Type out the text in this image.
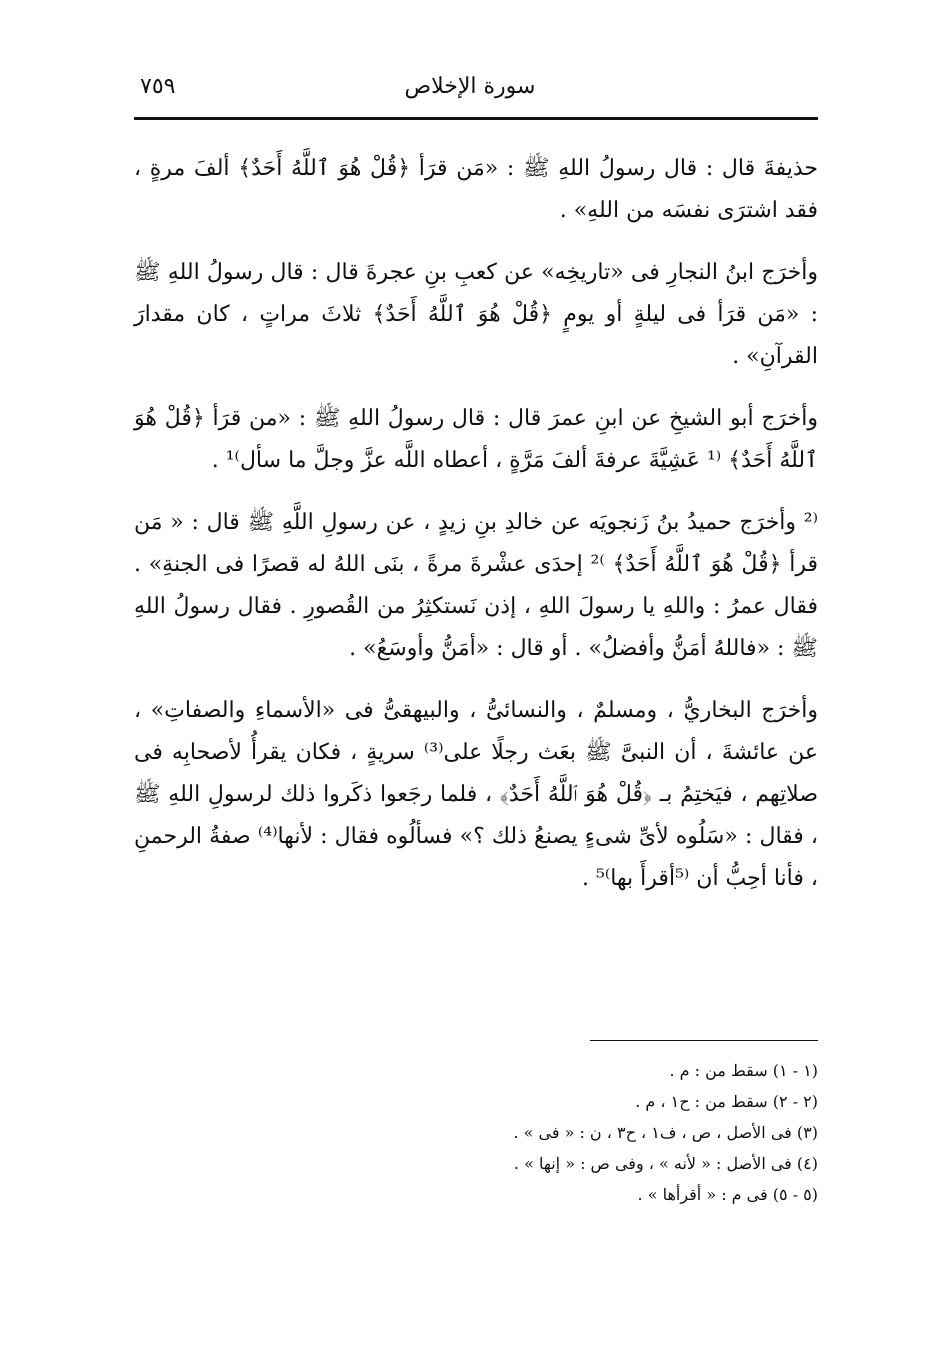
٧٥٩	سورة الإخلاص

حذيفةَ قال : قال رسولُ اللهِ ﷺ : «مَن قرَأ ﴿قُلْ هُوَ ٱللَّهُ أَحَدٌ﴾ ألفَ مرةٍ ، فقد اشترَى نفسَه من اللهِ» .

وأخرَج ابنُ النجارِ فى «تاريخِه» عن كعبِ بنِ عجرةَ قال : قال رسولُ اللهِ ﷺ : «مَن قرَأ فى ليلةٍ أو يومٍ ﴿قُلْ هُوَ ٱللَّهُ أَحَدٌ﴾ ثلاثَ مراتٍ ، كان مقدارَ القرآنِ» .

وأخرَج أبو الشيخِ عن ابنِ عمرَ قال : قال رسولُ اللهِ ﷺ : «من قرَأ ﴿قُلْ هُوَ ٱللَّهُ أَحَدٌ﴾ ⁽¹ عَشِيَّةَ عرفةَ ألفَ مَرَّةٍ ، أعطاه اللَّه عزَّ وجلَّ ما سأل⁾¹ .

⁽² وأخرَج حميدُ بنُ زَنجويَه عن خالدِ بنِ زيدٍ ، عن رسولِ اللَّهِ ﷺ قال : « مَن قرأ ﴿قُلْ هُوَ ٱللَّهُ أَحَدٌ﴾ ⁾² إحدَى عشْرةَ مرةً ، بنَى اللهُ له قصرًا فى الجنةِ» . فقال عمرُ : واللهِ يا رسولَ اللهِ ، إذن نَستكثِرُ من القُصورِ . فقال رسولُ اللهِ ﷺ : «فاللهُ أمَنُّ وأفضلُ» . أو قال : «أمَنُّ وأوسَعُ» .

وأخرَج البخاريُّ ، ومسلمٌ ، والنسائىُّ ، والبيهقىُّ فى «الأسماءِ والصفاتِ» ، عن عائشةَ ، أن النبىَّ ﷺ بعَث رجلًا على⁽³⁾ سريةٍ ، فكان يقرأُ لأصحابِه فى صلاتِهم ، فيَختِمُ بـ ﴿قُلْ هُوَ ٱللَّهُ أَحَدٌ﴾ ، فلما رجَعوا ذكَروا ذلك لرسولِ اللهِ ﷺ ، فقال : «سَلُوه لأىِّ شىءٍ يصنعُ ذلك ؟» فسألُوه فقال : لأنها⁽⁴⁾ صفةُ الرحمنِ ، فأنا أحِبُّ أن ⁽⁵أقرأَ بها⁾⁵ .

(١ - ١) سقط من : م .
(٢ - ٢) سقط من : ح١ ، م .
(٣) فى الأصل ، ص ، ف١ ، ح٣ ، ن : « فى » .
(٤) فى الأصل : « لأنه » ، وفى ص : « إنها » .
(٥ - ٥) فى م : « أقرأها » .
